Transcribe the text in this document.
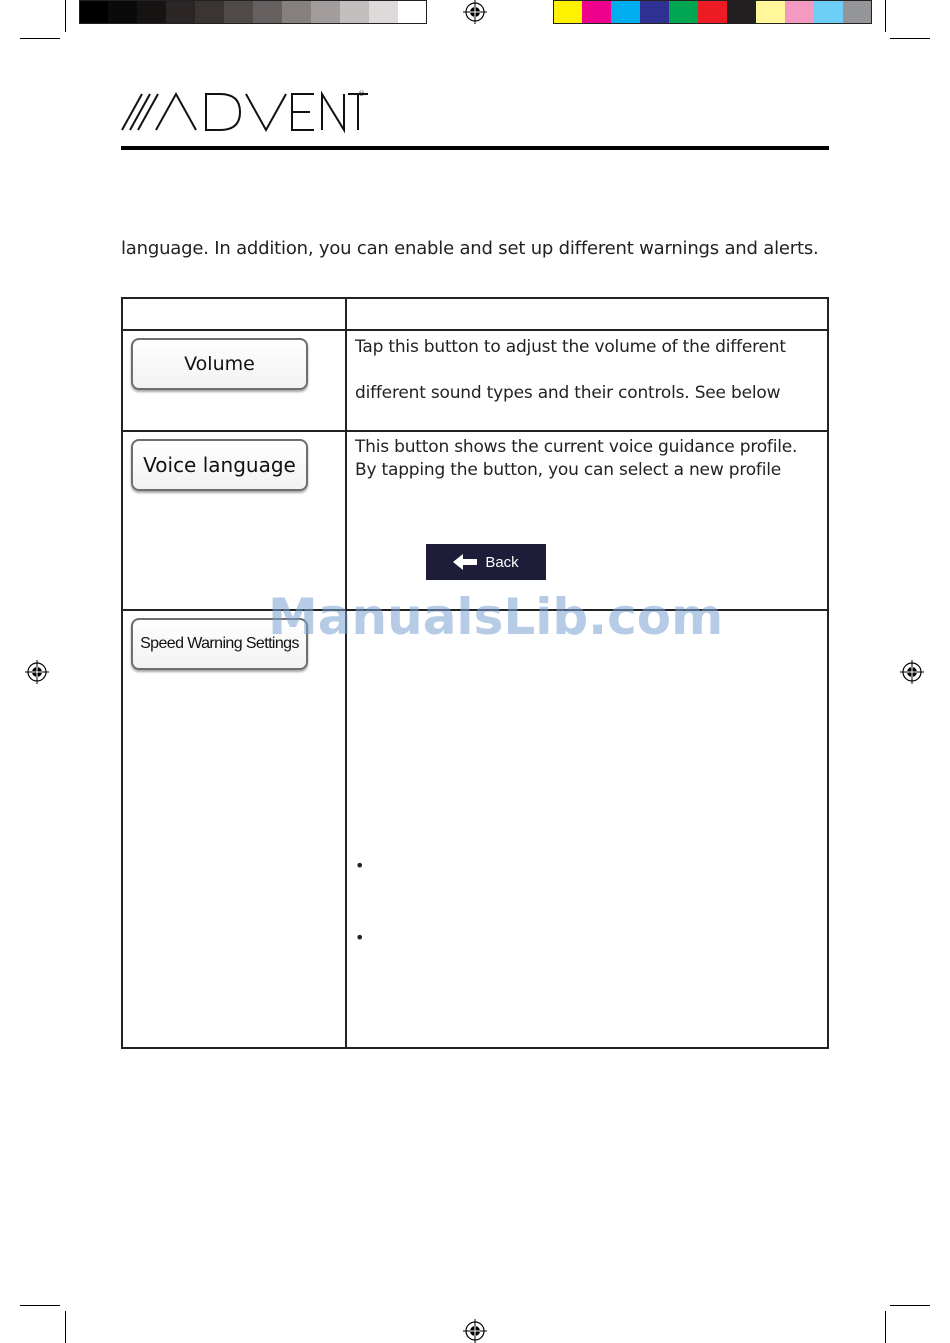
®
language. In addition, you can enable and set up different warnings and alerts.
Volume
Tap this button to adjust the volume of the different
different sound types and their controls. See below
Voice language
This button shows the current voice guidance profile.
By tapping the button, you can select a new profile
Back
Speed Warning Settings
•
•
ManualsLib.com
